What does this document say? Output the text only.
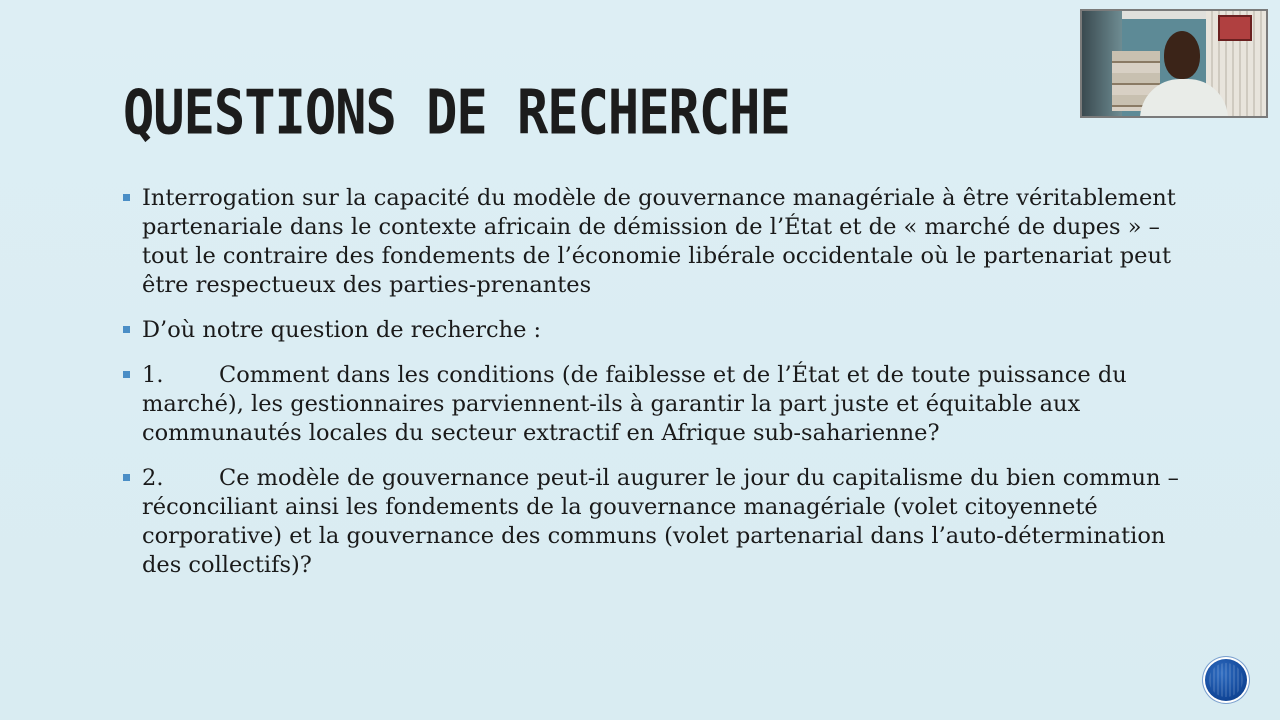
QUESTIONS DE RECHERCHE
Interrogation sur la capacité du modèle de gouvernance managériale à être véritablement partenariale dans le contexte africain de démission de l’État et de « marché de dupes » – tout le contraire des fondements de l’économie libérale occidentale où le partenariat peut être respectueux des parties-prenantes
D’où notre question de recherche :
1. Comment dans les conditions (de faiblesse et de l’État et de toute puissance du marché), les gestionnaires parviennent-ils à garantir la part juste et équitable aux communautés locales du secteur extractif en Afrique sub-saharienne?
2. Ce modèle de gouvernance peut-il augurer le jour du capitalisme du bien commun – réconciliant ainsi les fondements de la gouvernance managériale (volet citoyenneté corporative) et la gouvernance des communs (volet partenarial dans l’auto-détermination des collectifs)?
